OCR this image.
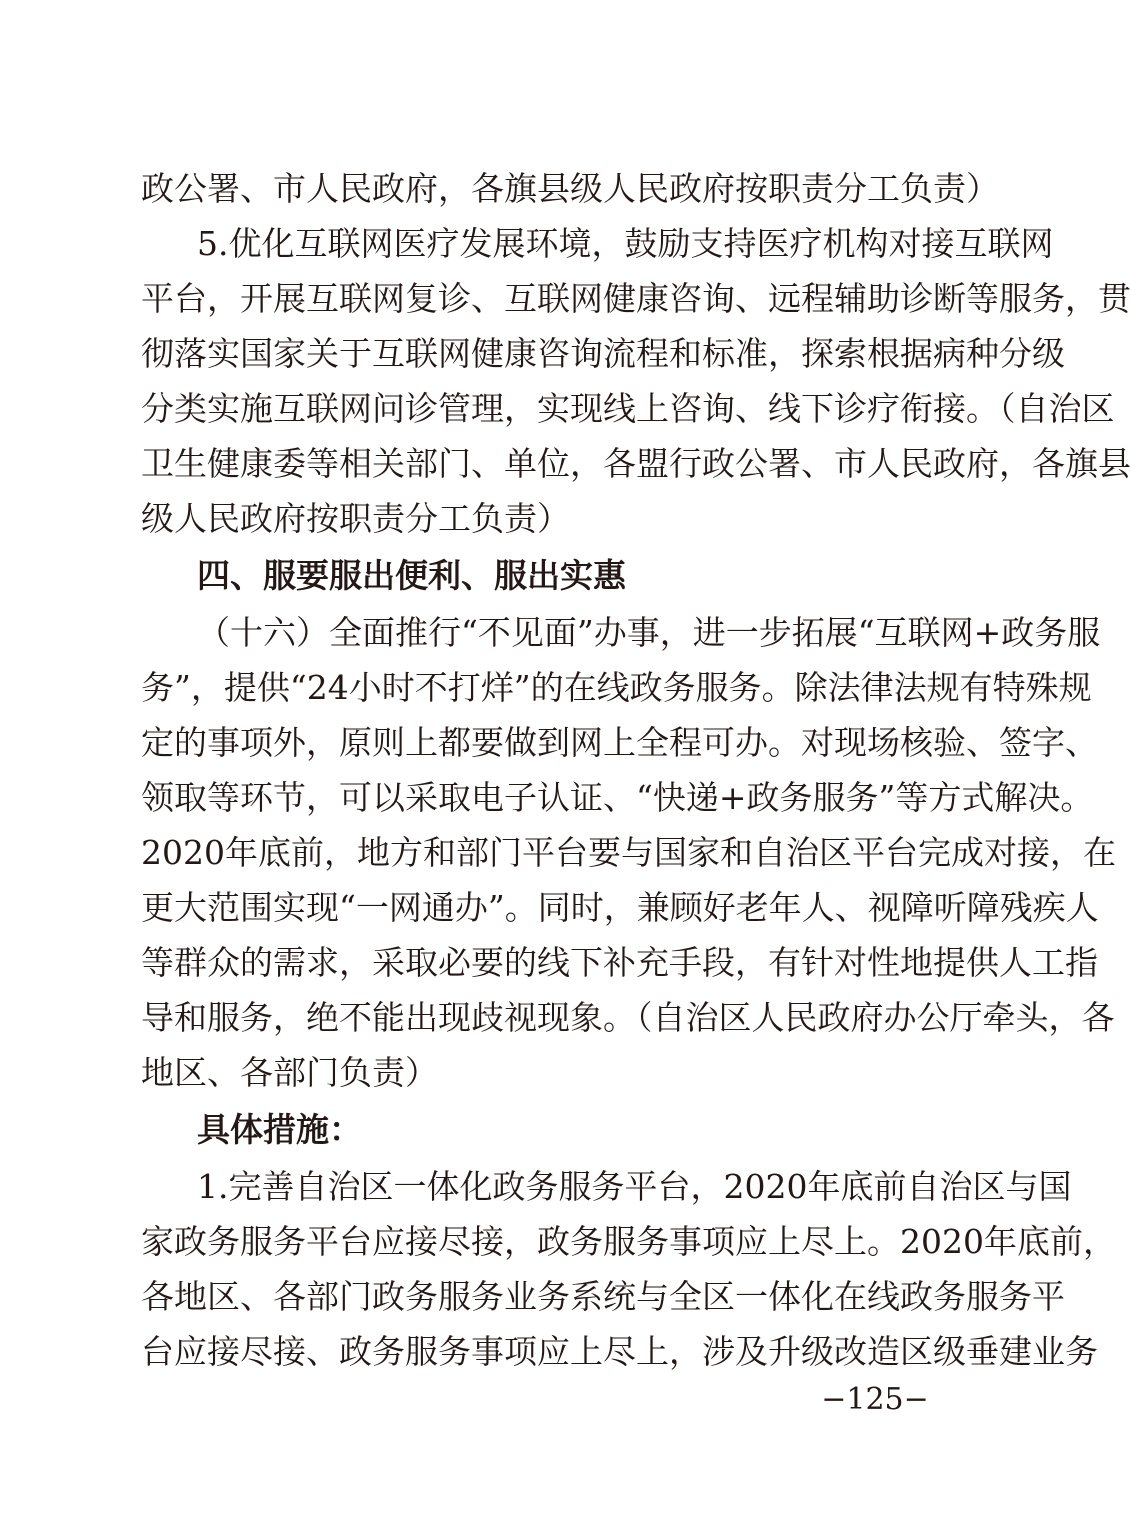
政公署、市人民政府，各旗县级人民政府按职责分工负责）
5.优化互联网医疗发展环境，鼓励支持医疗机构对接互联网
平台，开展互联网复诊、互联网健康咨询、远程辅助诊断等服务，贯
彻落实国家关于互联网健康咨询流程和标准，探索根据病种分级
分类实施互联网问诊管理，实现线上咨询、线下诊疗衔接。（自治区
卫生健康委等相关部门、单位，各盟行政公署、市人民政府，各旗县
级人民政府按职责分工负责）
四、服要服出便利、服出实惠
（十六）全面推行“不见面”办事，进一步拓展“互联网+政务服
务”，提供“24小时不打烊”的在线政务服务。除法律法规有特殊规
定的事项外，原则上都要做到网上全程可办。对现场核验、签字、
领取等环节，可以采取电子认证、“快递+政务服务”等方式解决。
2020年底前，地方和部门平台要与国家和自治区平台完成对接，在
更大范围实现“一网通办”。同时，兼顾好老年人、视障听障残疾人
等群众的需求，采取必要的线下补充手段，有针对性地提供人工指
导和服务，绝不能出现歧视现象。（自治区人民政府办公厅牵头，各
地区、各部门负责）
具体措施：
1.完善自治区一体化政务服务平台，2020年底前自治区与国
家政务服务平台应接尽接，政务服务事项应上尽上。2020年底前，
各地区、各部门政务服务业务系统与全区一体化在线政务服务平
台应接尽接、政务服务事项应上尽上，涉及升级改造区级垂建业务
−125−
